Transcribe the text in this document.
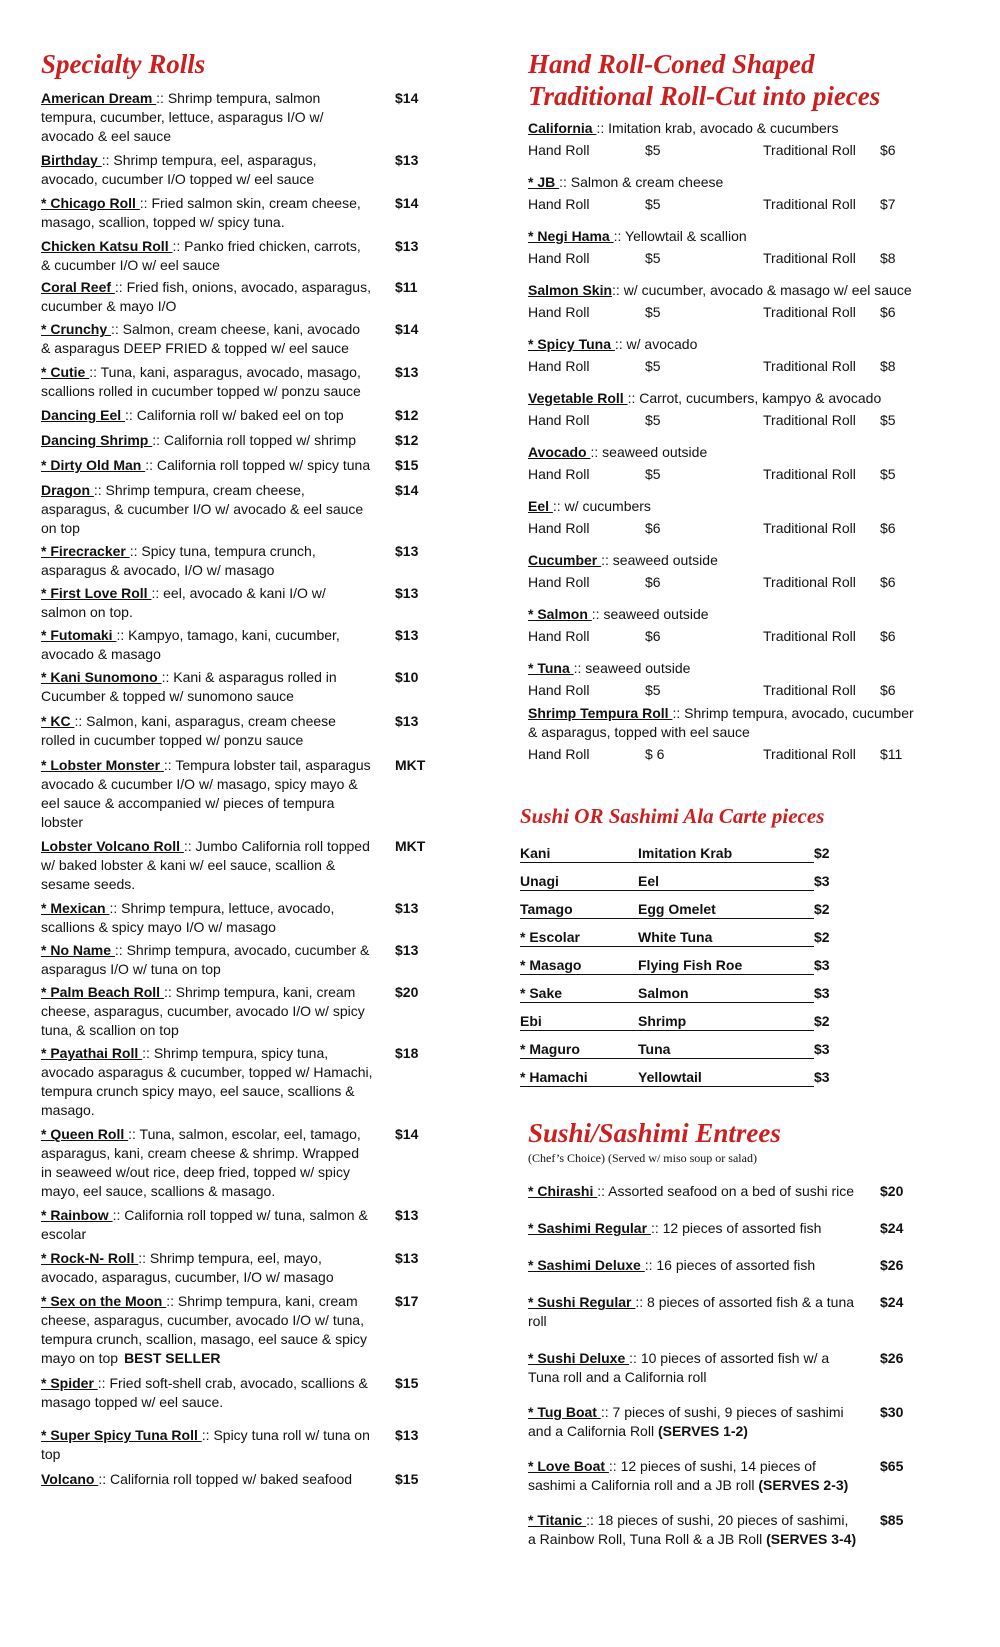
Specialty Rolls
American Dream :: Shrimp tempura, salmon tempura, cucumber, lettuce, asparagus I/O w/ avocado & eel sauce
$14
Birthday :: Shrimp tempura, eel, asparagus, avocado, cucumber I/O topped w/ eel sauce
$13
* Chicago Roll :: Fried salmon skin, cream cheese, masago, scallion, topped w/ spicy tuna.
$14
Chicken Katsu Roll :: Panko fried chicken, carrots, & cucumber I/O w/ eel sauce
$13
Coral Reef :: Fried fish, onions, avocado, asparagus, cucumber & mayo I/O
$11
* Crunchy :: Salmon, cream cheese, kani, avocado & asparagus DEEP FRIED & topped w/ eel sauce
$14
* Cutie :: Tuna, kani, asparagus, avocado, masago, scallions rolled in cucumber topped w/ ponzu sauce
$13
Dancing Eel :: California roll w/ baked eel on top	$12
Dancing Shrimp :: California roll topped w/ shrimp	$12
* Dirty Old Man :: California roll topped w/ spicy tuna	$15
Dragon :: Shrimp tempura, cream cheese, asparagus, & cucumber I/O w/ avocado & eel sauce on top
$14
* Firecracker :: Spicy tuna, tempura crunch, asparagus & avocado, I/O w/ masago
$13
* First Love Roll :: eel, avocado & kani I/O w/ salmon on top.
$13
* Futomaki :: Kampyo, tamago, kani, cucumber, avocado & masago
$13
* Kani Sunomono :: Kani & asparagus rolled in Cucumber & topped w/ sunomono sauce
$10
* KC :: Salmon, kani, asparagus, cream cheese rolled in cucumber topped w/ ponzu sauce
$13
* Lobster Monster :: Tempura lobster tail, asparagus avocado & cucumber I/O w/ masago, spicy mayo & eel sauce & accompanied w/ pieces of tempura lobster
MKT
Lobster Volcano Roll :: Jumbo California roll topped w/ baked lobster & kani w/ eel sauce, scallion & sesame seeds.
MKT
* Mexican :: Shrimp tempura, lettuce, avocado, scallions & spicy mayo I/O w/ masago
$13
* No Name :: Shrimp tempura, avocado, cucumber & asparagus I/O w/ tuna on top
$13
* Palm Beach Roll :: Shrimp tempura, kani, cream cheese, asparagus, cucumber, avocado I/O w/ spicy tuna, & scallion on top
$20
* Payathai Roll :: Shrimp tempura, spicy tuna, avocado asparagus & cucumber, topped w/ Hamachi, tempura crunch spicy mayo, eel sauce, scallions & masago.
$18
* Queen Roll :: Tuna, salmon, escolar, eel, tamago, asparagus, kani, cream cheese & shrimp. Wrapped in seaweed w/out rice, deep fried, topped w/ spicy mayo, eel sauce, scallions & masago.
$14
* Rainbow :: California roll topped w/ tuna, salmon & escolar
$13
* Rock-N- Roll :: Shrimp tempura, eel, mayo, avocado, asparagus, cucumber, I/O w/ masago
$13
* Sex on the Moon :: Shrimp tempura, kani, cream cheese, asparagus, cucumber, avocado I/O w/ tuna, tempura crunch, scallion, masago, eel sauce & spicy mayo on top BEST SELLER
$17
* Spider :: Fried soft-shell crab, avocado, scallions & masago topped w/ eel sauce.
$15
* Super Spicy Tuna Roll :: Spicy tuna roll w/ tuna on top
$13
Volcano :: California roll topped w/ baked seafood	$15
Hand Roll-Coned Shaped
Traditional Roll-Cut into pieces
California :: Imitation krab, avocado & cucumbers
Hand Roll	$5	Traditional Roll	$6
* JB :: Salmon & cream cheese
Hand Roll	$5	Traditional Roll	$7
* Negi Hama :: Yellowtail & scallion
Hand Roll	$5	Traditional Roll	$8
Salmon Skin:: w/ cucumber, avocado & masago w/ eel sauce
Hand Roll	$5	Traditional Roll	$6
* Spicy Tuna :: w/ avocado
Hand Roll	$5	Traditional Roll	$8
Vegetable Roll :: Carrot, cucumbers, kampyo & avocado
Hand Roll	$5	Traditional Roll	$5
Avocado :: seaweed outside
Hand Roll	$5	Traditional Roll	$5
Eel :: w/ cucumbers
Hand Roll	$6	Traditional Roll	$6
Cucumber :: seaweed outside
Hand Roll	$6	Traditional Roll	$6
* Salmon :: seaweed outside
Hand Roll	$6	Traditional Roll	$6
* Tuna :: seaweed outside
Hand Roll	$5	Traditional Roll	$6
Shrimp Tempura Roll :: Shrimp tempura, avocado, cucumber & asparagus, topped with eel sauce
Hand Roll	$ 6	Traditional Roll	$11
Sushi OR Sashimi Ala Carte pieces
Kani	Imitation Krab	$2
Unagi	Eel	$3
Tamago	Egg Omelet	$2
* Escolar	White Tuna	$2
* Masago	Flying Fish Roe	$3
* Sake	Salmon	$3
Ebi	Shrimp	$2
* Maguro	Tuna	$3
* Hamachi	Yellowtail	$3
Sushi/Sashimi Entrees
(Chef’s Choice) (Served w/ miso soup or salad)
* Chirashi :: Assorted seafood on a bed of sushi rice	$20
* Sashimi Regular :: 12 pieces of assorted fish	$24
* Sashimi Deluxe :: 16 pieces of assorted fish	$26
* Sushi Regular :: 8 pieces of assorted fish & a tuna roll
$24
* Sushi Deluxe :: 10 pieces of assorted fish w/ a Tuna roll and a California roll
$26
* Tug Boat :: 7 pieces of sushi, 9 pieces of sashimi and a California Roll (SERVES 1-2)
$30
* Love Boat :: 12 pieces of sushi, 14 pieces of sashimi a California roll and a JB roll (SERVES 2-3)
$65
* Titanic :: 18 pieces of sushi, 20 pieces of sashimi, a Rainbow Roll, Tuna Roll & a JB Roll (SERVES 3-4)
$85
